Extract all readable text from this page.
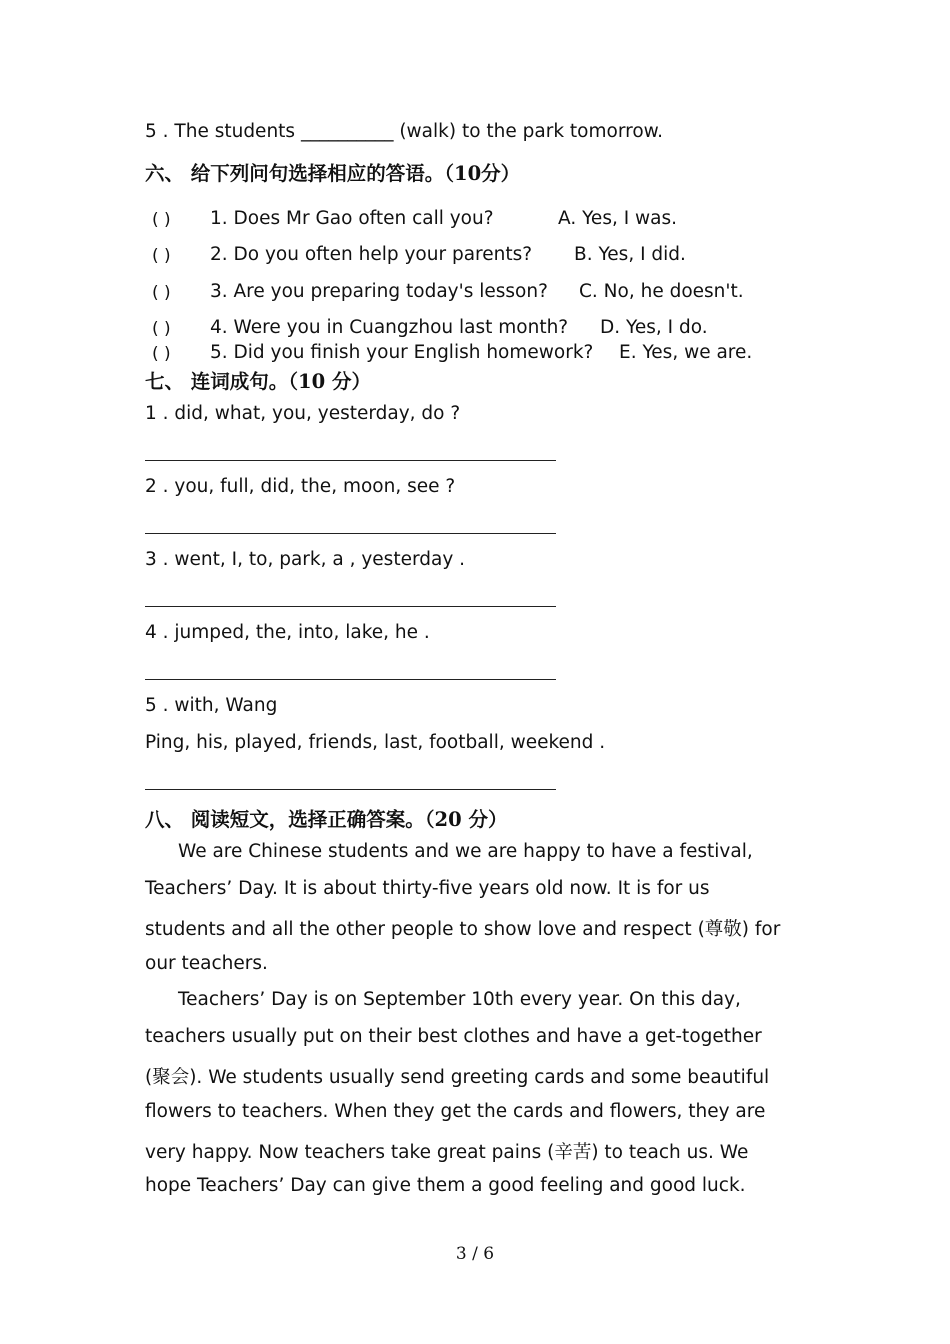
5 . The students __________ (walk) to the park tomorrow.
六、 给下列问句选择相应的答语。（10分）
( ) 1. Does Mr Gao often call you?	A. Yes, I was.
( ) 2. Do you often help your parents? B. Yes, I did.
( ) 3. Are you preparing today's lesson? C. No, he doesn't.
( ) 4. Were you in Cuangzhou last month? D. Yes, I do.
( ) 5. Did you finish your English homework? E. Yes, we are.
七、 连词成句。（10 分）
1 . did, what, you, yesterday, do ?
2 . you, full, did, the, moon, see ?
3 . went, I, to, park, a , yesterday .
4 . jumped, the, into, lake, he .
5 . with, Wang
Ping, his, played, friends, last, football, weekend .
八、 阅读短文，选择正确答案。（20 分）
We are Chinese students and we are happy to have a festival,
Teachers’ Day. It is about thirty-five years old now. It is for us
students and all the other people to show love and respect (尊敬) for
our teachers.
Teachers’ Day is on September 10th every year. On this day,
teachers usually put on their best clothes and have a get-together
(聚会). We students usually send greeting cards and some beautiful
flowers to teachers. When they get the cards and flowers, they are
very happy. Now teachers take great pains (辛苦) to teach us. We
hope Teachers’ Day can give them a good feeling and good luck.
3 / 6
